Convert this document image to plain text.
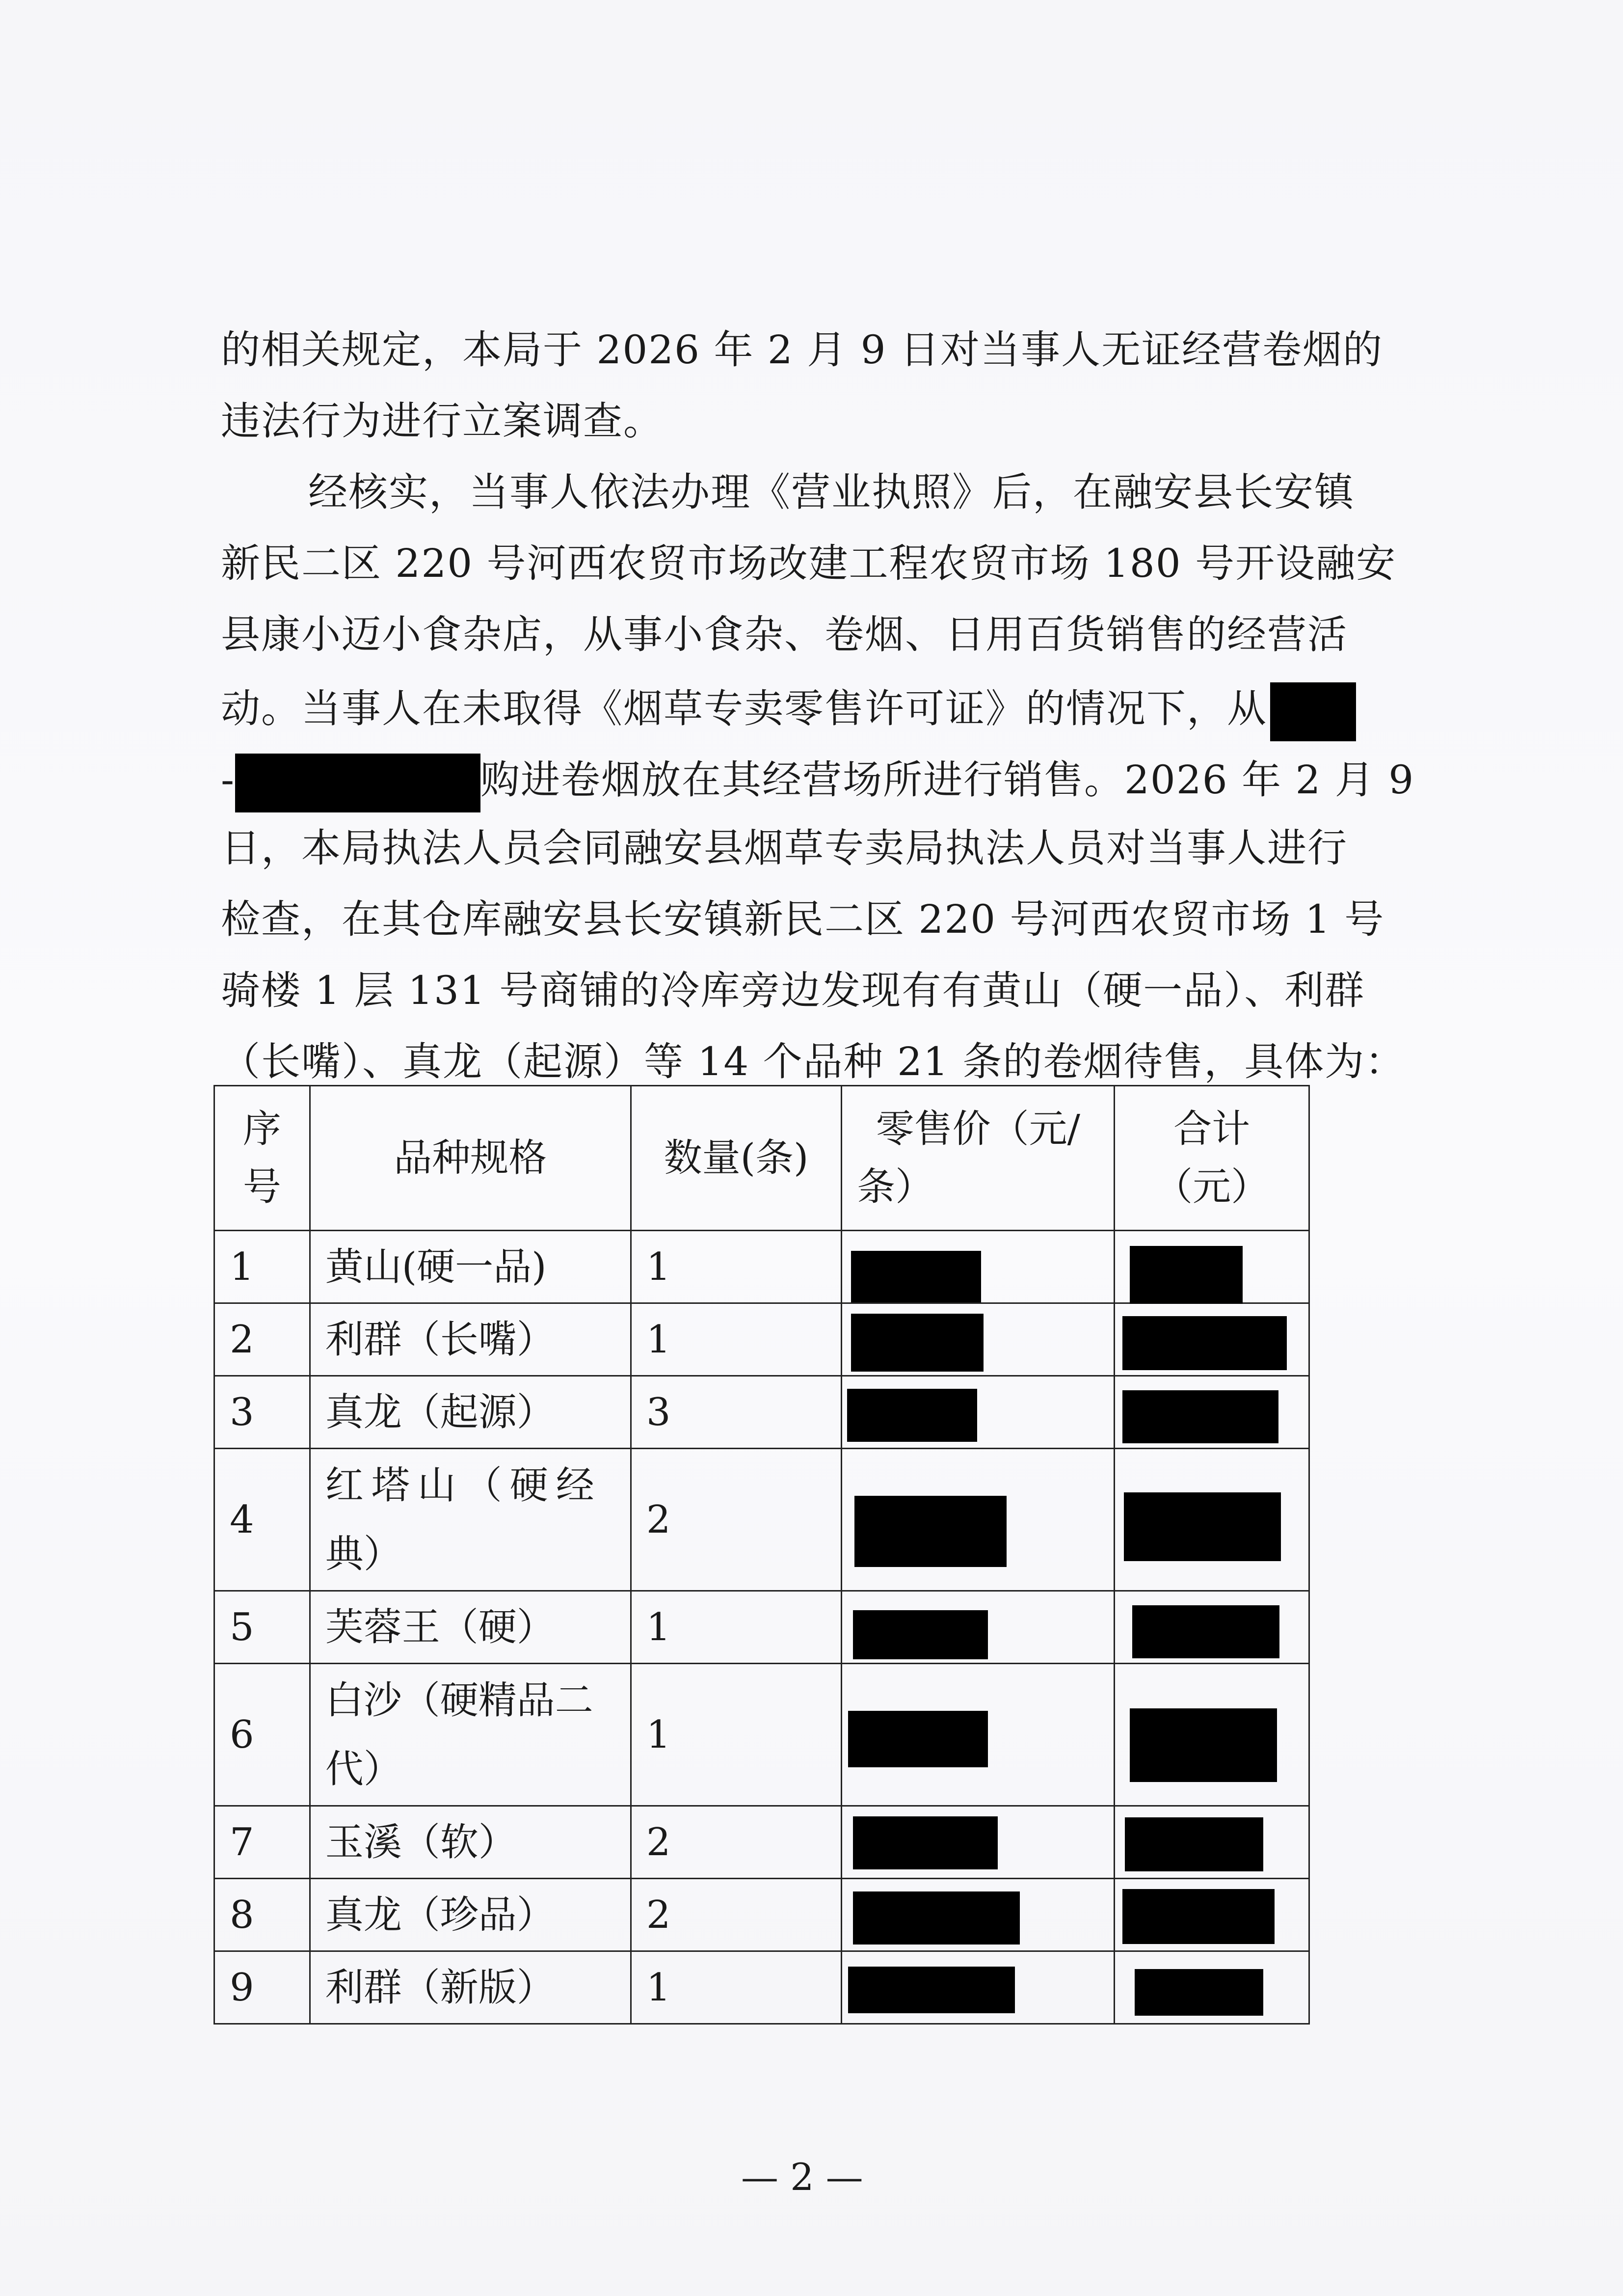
的相关规定，本局于 2026 年 2 月 9 日对当事人无证经营卷烟的
违法行为进行立案调查。
经核实，当事人依法办理《营业执照》后，在融安县长安镇
新民二区 220 号河西农贸市场改建工程农贸市场 180 号开设融安
县康小迈小食杂店，从事小食杂、卷烟、日用百货销售的经营活
动。当事人在未取得《烟草专卖零售许可证》的情况下，从
-	购进卷烟放在其经营场所进行销售。2026 年 2 月 9
日，本局执法人员会同融安县烟草专卖局执法人员对当事人进行
检查，在其仓库融安县长安镇新民二区 220 号河西农贸市场 1 号
骑楼 1 层 131 号商铺的冷库旁边发现有有黄山（硬一品）、利群
（长嘴）、真龙（起源）等 14 个品种 21 条的卷烟待售，具体为：
序
号	品种规格	数量(条)	零售价（元/
条）	合计
（元）

1	黄山(硬一品)	1	

2	利群（长嘴）	1	

3	真龙（起源）	3	

4	红塔山（硬经
典）	2	

5	芙蓉王（硬）	1	

6	白沙（硬精品二
代）	1	

7	玉溪（软）	2	

8	真龙（珍品）	2	

9	利群（新版）	1	

— 2 —
